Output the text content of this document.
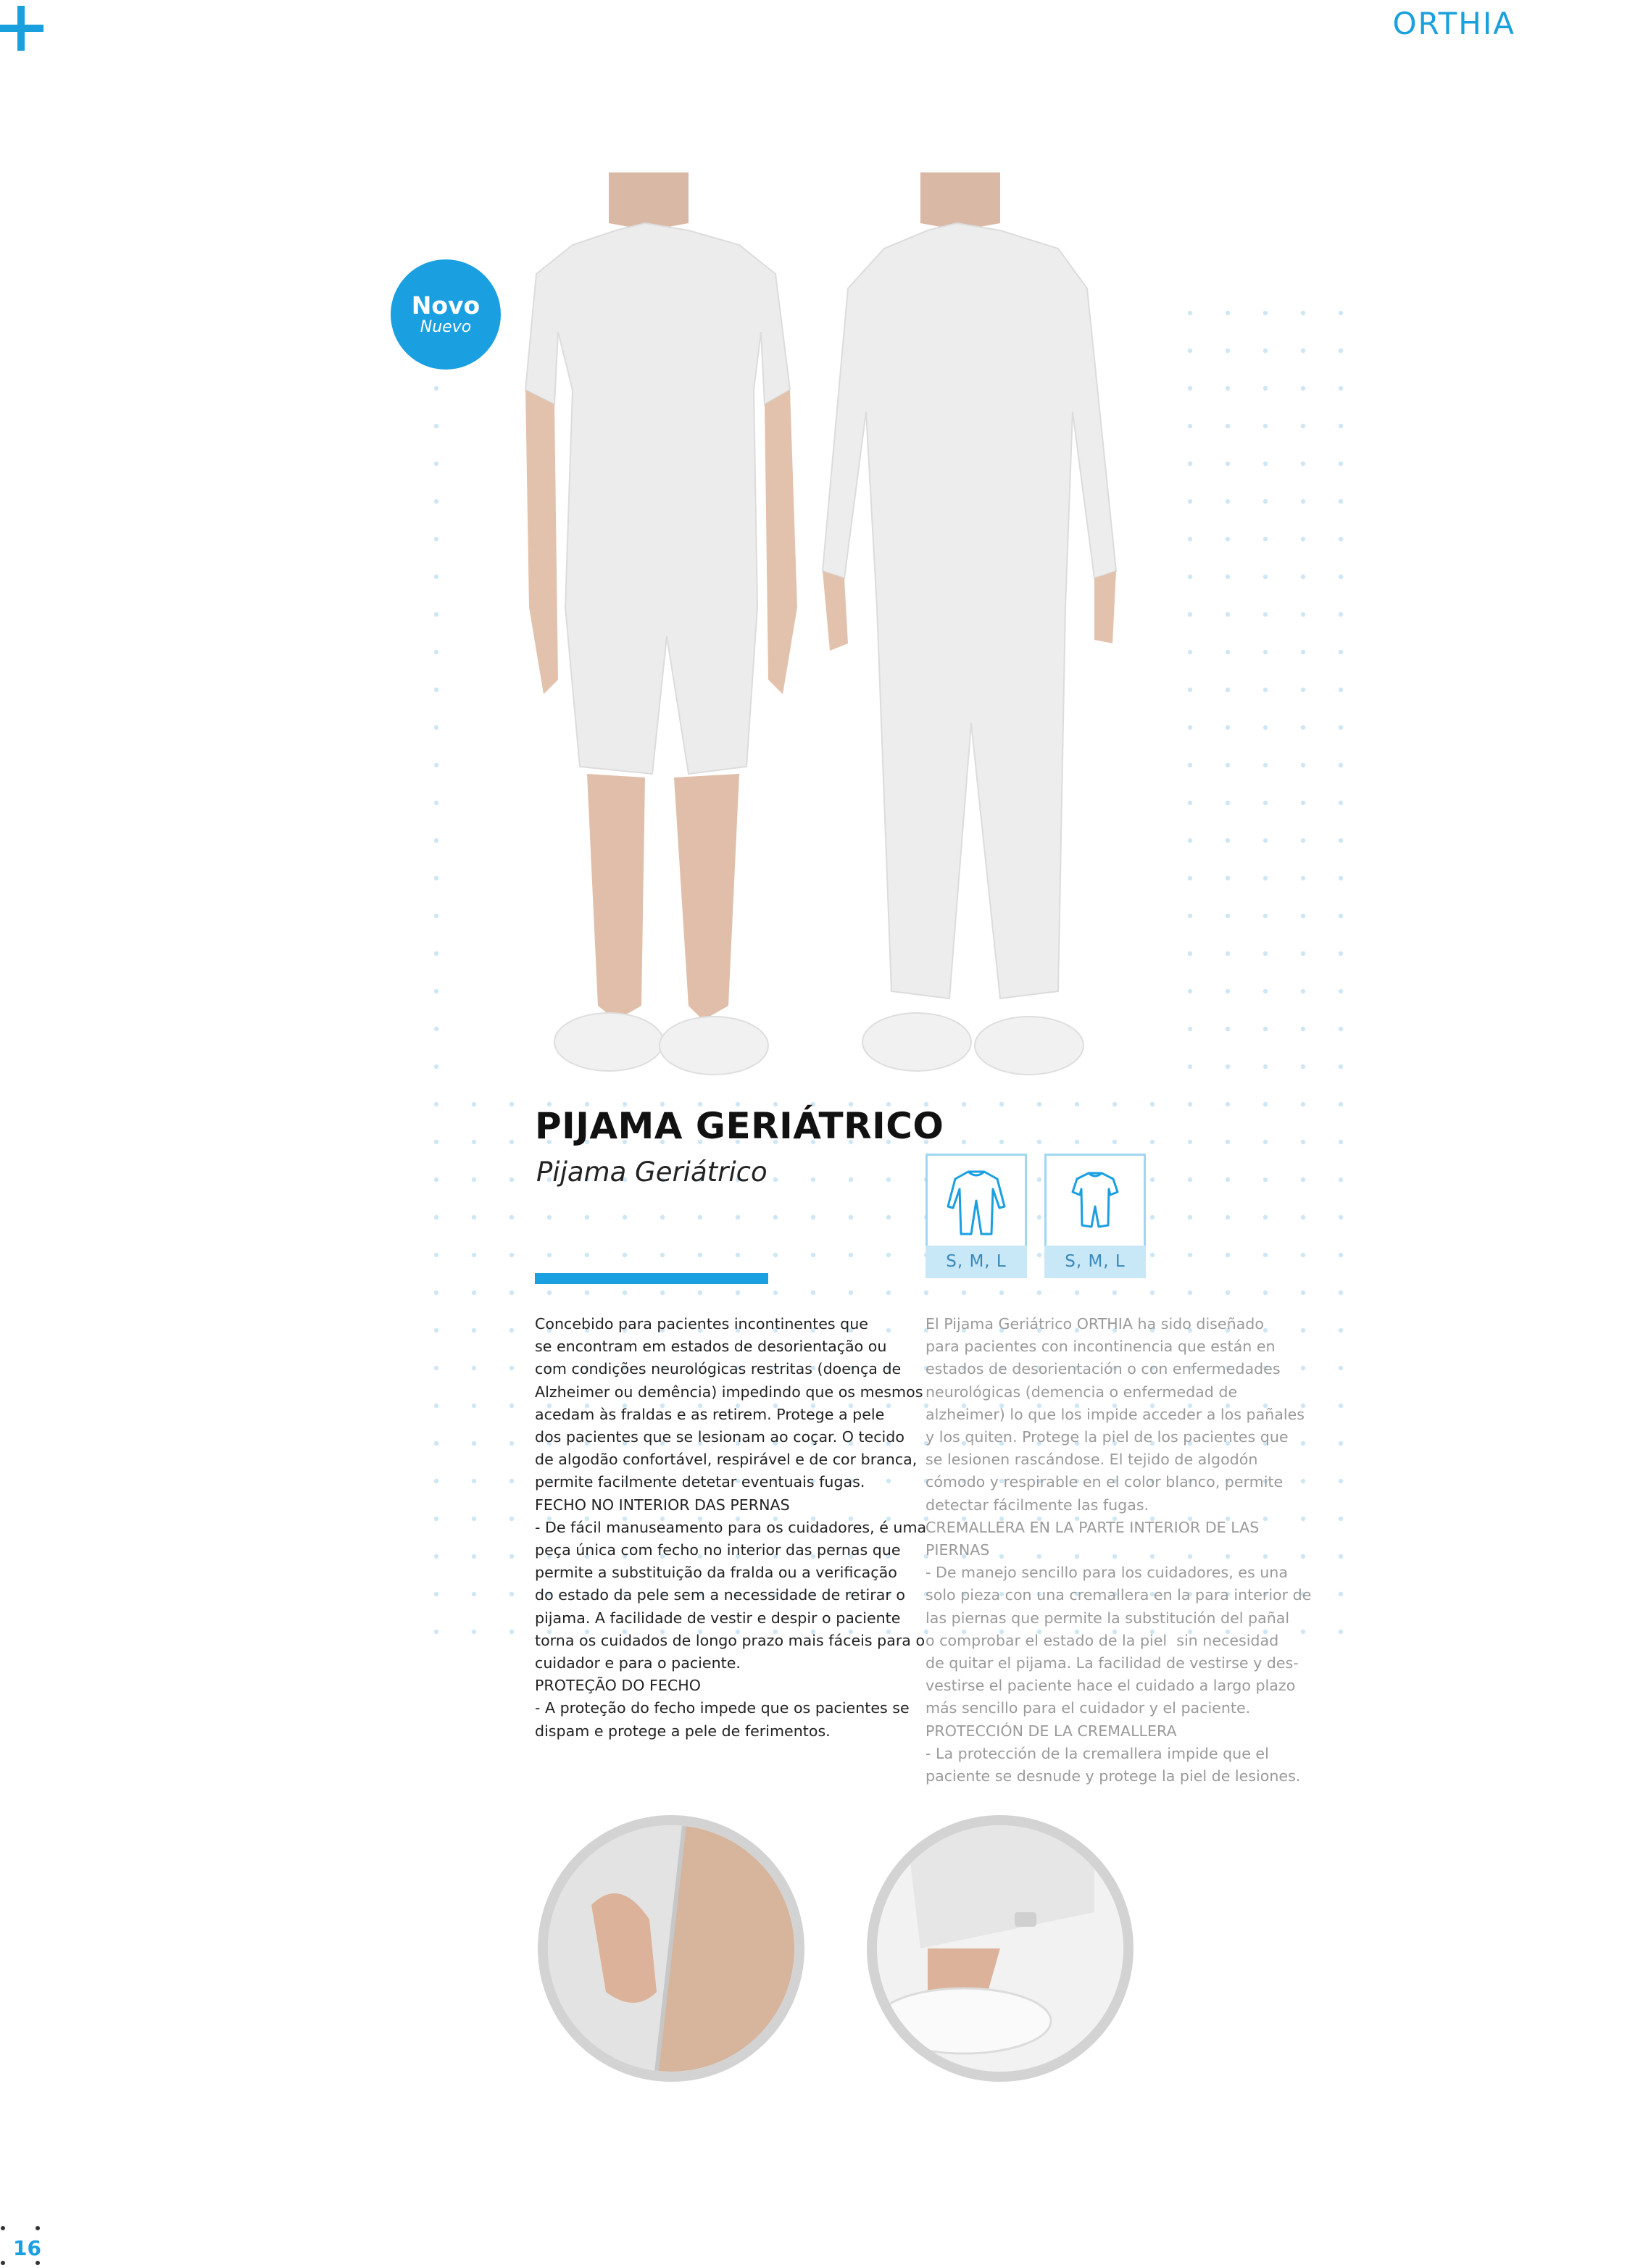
ORTHIA
Novo
Nuevo
PIJAMA GERIÁTRICO
Pijama Geriátrico
S, M, L	S, M, L
Concebido para pacientes incontinentes que
se encontram em estados de desorientação ou
com condições neurológicas restritas (doença de
Alzheimer ou demência) impedindo que os mesmos
acedam às fraldas e as retirem. Protege a pele
dos pacientes que se lesionam ao coçar. O tecido
de algodão confortável, respirável e de cor branca,
permite facilmente detetar eventuais fugas.
FECHO NO INTERIOR DAS PERNAS
- De fácil manuseamento para os cuidadores, é uma
peça única com fecho no interior das pernas que
permite a substituição da fralda ou a verificação
do estado da pele sem a necessidade de retirar o
pijama. A facilidade de vestir e despir o paciente
torna os cuidados de longo prazo mais fáceis para o
cuidador e para o paciente.
PROTEÇÃO DO FECHO
- A proteção do fecho impede que os pacientes se
dispam e protege a pele de ferimentos.
El Pijama Geriátrico ORTHIA ha sido diseñado
para pacientes con incontinencia que están en
estados de desorientación o con enfermedades
neurológicas (demencia o enfermedad de
alzheimer) lo que los impide acceder a los pañales
y los quiten. Protege la piel de los pacientes que
se lesionen rascándose. El tejido de algodón
cómodo y respirable en el color blanco, permite
detectar fácilmente las fugas.
CREMALLERA EN LA PARTE INTERIOR DE LAS
PIERNAS
- De manejo sencillo para los cuidadores, es una
solo pieza con una cremallera en la para interior de
las piernas que permite la substitución del pañal
o comprobar el estado de la piel  sin necesidad
de quitar el pijama. La facilidad de vestirse y des-
vestirse el paciente hace el cuidado a largo plazo
más sencillo para el cuidador y el paciente.
PROTECCIÓN DE LA CREMALLERA
- La protección de la cremallera impide que el
paciente se desnude y protege la piel de lesiones.
16
